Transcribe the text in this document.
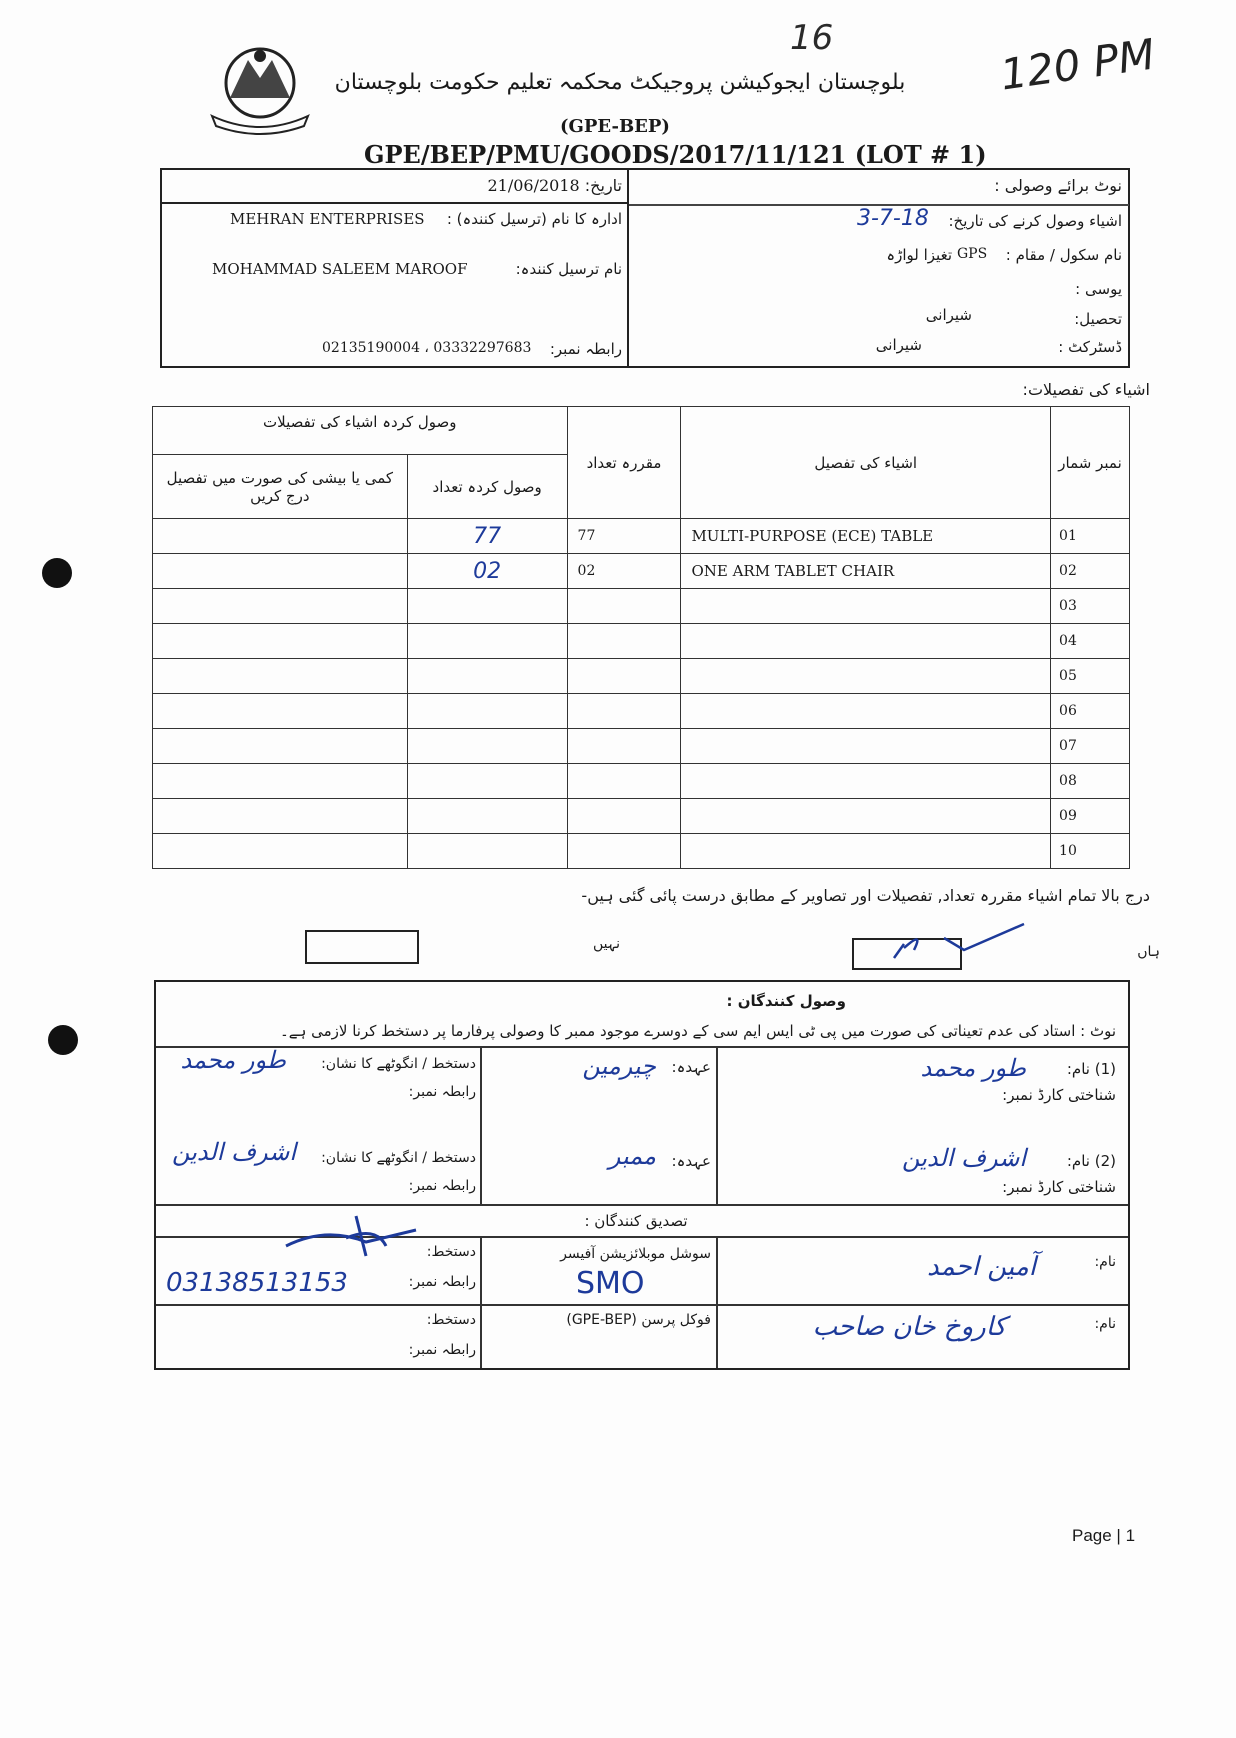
16	120 PM
بلوچستان ایجوکیشن پروجیکٹ محکمہ تعلیم حکومت بلوچستان
(GPE-BEP)
GPE/BEP/PMU/GOODS/2017/11/121 (LOT # 1)
تاریخ: 21/06/2018
ادارہ کا نام (ترسیل کنندہ) :
MEHRAN ENTERPRISES
نام ترسیل کنندہ:
MOHAMMAD SALEEM MAROOF
رابطہ نمبر:
02135190004 ، 03332297683
نوٹ برائے وصولی :
اشیاء وصول کرنے کی تاریخ:
3-7-18
نام سکول / مقام :
GPS
تغیزا لواڑہ
یوسی :
تحصیل:
شیرانی
ڈسٹرکٹ :
شیرانی
اشیاء کی تفصیلات:
وصول کردہ اشیاء کی تفصیلات		مقررہ تعداد	اشیاء کی تفصیل	نمبر شمار
کمی یا بیشی کی صورت میں تفصیل درج کریں	وصول کردہ تعداد			
	77	77	MULTI-PURPOSE (ECE) TABLE	01
	02	02	ONE ARM TABLET CHAIR	02
				03
				04
				05
				06
				07
				08
				09
				10
درج بالا تمام اشیاء مقررہ تعداد, تفصیلات اور تصاویر کے مطابق درست پائی گئی ہیں-
نہیں	ہاں
وصول کنندگان :
نوٹ : استاد کی عدم تعیناتی کی صورت میں پی ٹی ایس ایم سی کے دوسرے موجود ممبر کا وصولی پرفارما پر دستخط کرنا لازمی ہے۔
(1) نام:
طور محمد
شناختی کارڈ نمبر:
عہدہ:
چیرمین
دستخط / انگوٹھے کا نشان:
رابطہ نمبر:
طور محمد
(2) نام:
اشرف الدین
شناختی کارڈ نمبر:
عہدہ:
ممبر
دستخط / انگوٹھے کا نشان:
رابطہ نمبر:
اشرف الدین
تصدیق کنندگان :
نام:
آمین احمد
سوشل موبلائزیشن آفیسر
SMO
دستخط:
رابطہ نمبر:
03138513153
نام:
کاروخ خان صاحب
فوکل پرسن (GPE-BEP)
دستخط:
رابطہ نمبر:
Page | 1
